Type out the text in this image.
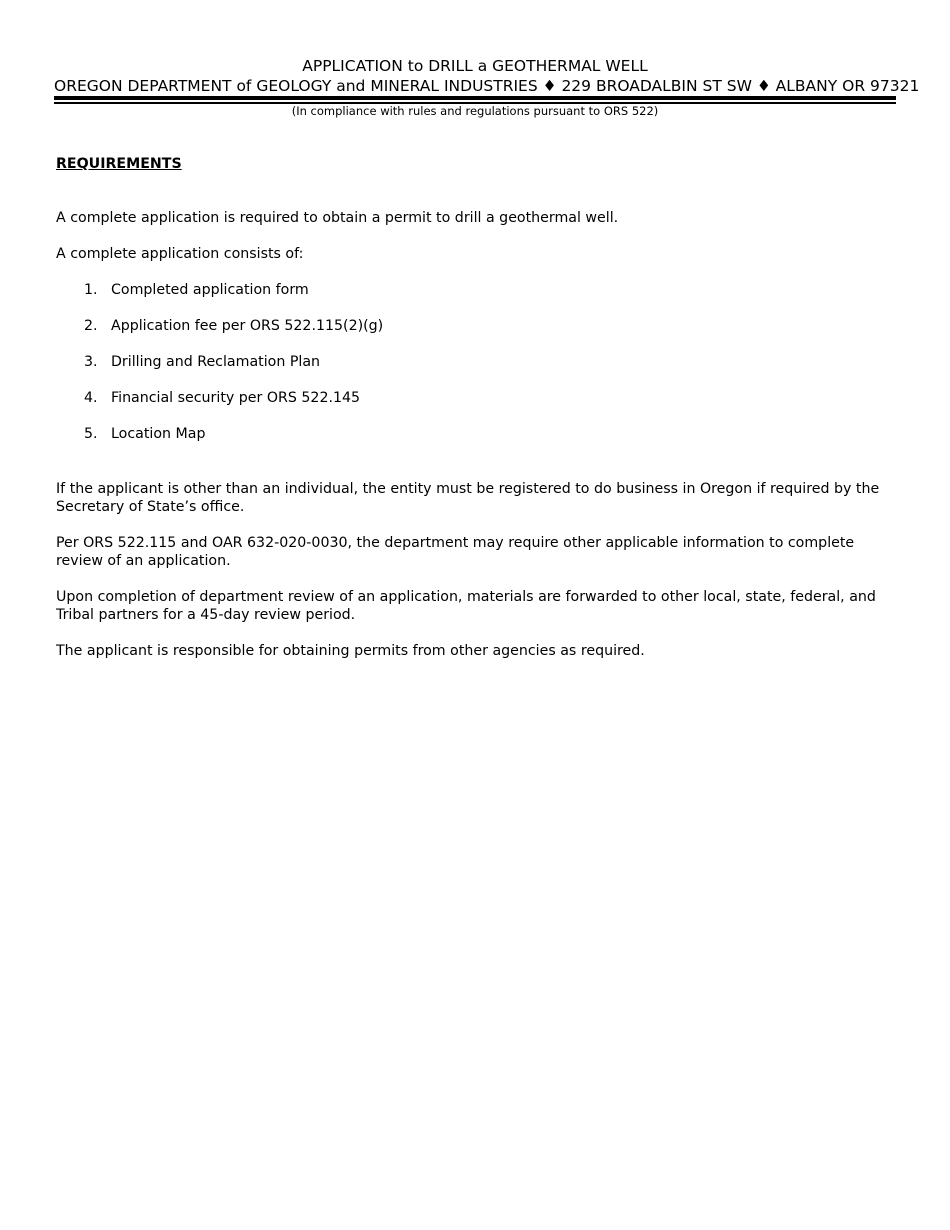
APPLICATION to DRILL a GEOTHERMAL WELL
OREGON DEPARTMENT of GEOLOGY and MINERAL INDUSTRIES ♦ 229 BROADALBIN ST SW ♦ ALBANY OR 97321
(In compliance with rules and regulations pursuant to ORS 522)
REQUIREMENTS
A complete application is required to obtain a permit to drill a geothermal well.
A complete application consists of:
1. Completed application form
2. Application fee per ORS 522.115(2)(g)
3. Drilling and Reclamation Plan
4. Financial security per ORS 522.145
5. Location Map
If the applicant is other than an individual, the entity must be registered to do business in Oregon if required by the Secretary of State’s office.
Per ORS 522.115 and OAR 632-020-0030, the department may require other applicable information to complete review of an application.
Upon completion of department review of an application, materials are forwarded to other local, state, federal, and Tribal partners for a 45-day review period.
The applicant is responsible for obtaining permits from other agencies as required.
